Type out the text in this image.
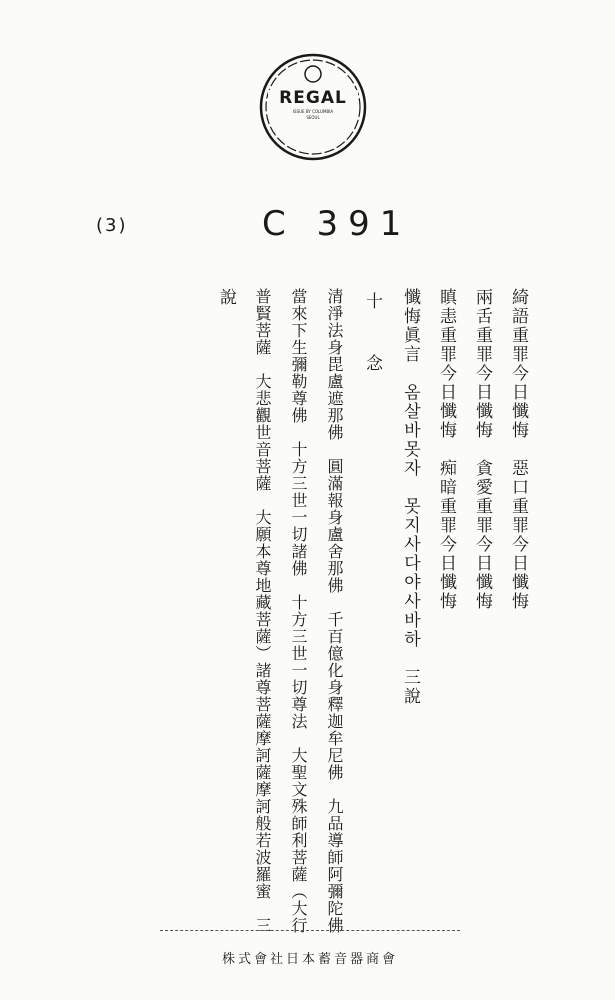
REGAL
ISSUE BY COLUMBIA
SEOUL
(3)	C 391
綺語重罪今日懺悔　惡口重罪今日懺悔
兩舌重罪今日懺悔　貪愛重罪今日懺悔
瞋恚重罪今日懺悔　痴暗重罪今日懺悔
懺悔眞言　옴살바못자　못지사다야사바하　三說
十　念
清淨法身毘盧遮那佛　圓滿報身盧舍那佛　千百億化身釋迦牟尼佛　九品導師阿彌陀佛
當來下生彌勒尊佛　十方三世一切諸佛　十方三世一切尊法　大聖文殊師利菩薩（大行
普賢菩薩　大悲觀世音菩薩　大願本尊地藏菩薩）諸尊菩薩摩訶薩摩訶般若波羅蜜　三
說
株式會社日本蓄音器商會
